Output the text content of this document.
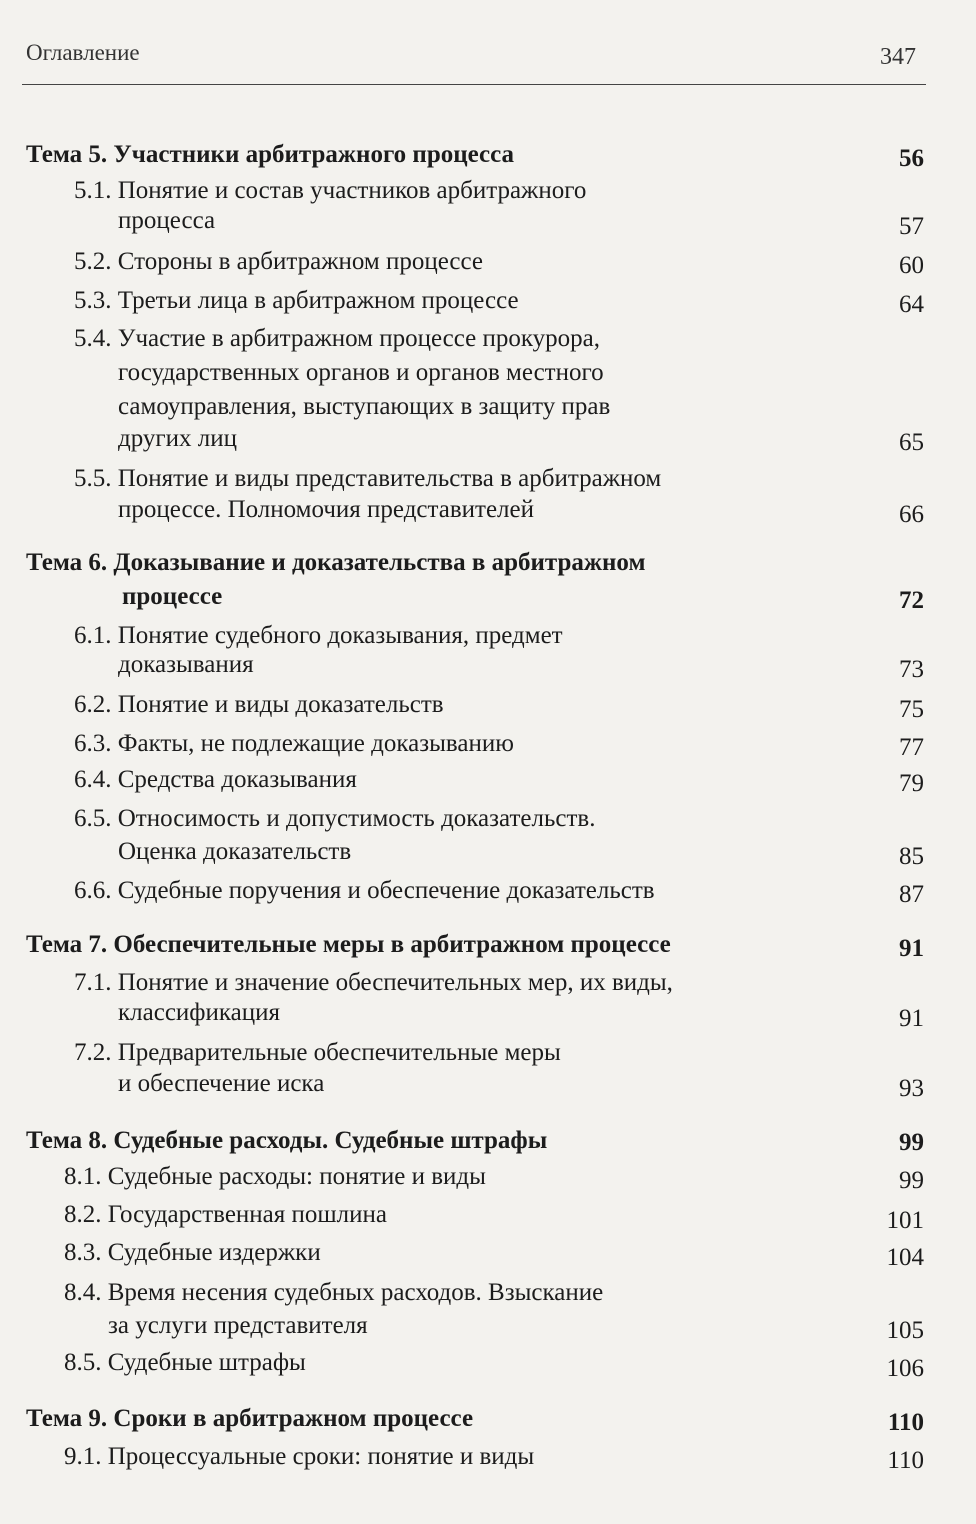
Оглавление	347
Тема 5. Участники арбитражного процесса	56
5.1. Понятие и состав участников арбитражного
процесса	57
5.2. Стороны в арбитражном процессе	60
5.3. Третьи лица в арбитражном процессе	64
5.4. Участие в арбитражном процессе прокурора,
государственных органов и органов местного
самоуправления, выступающих в защиту прав
других лиц	65
5.5. Понятие и виды представительства в арбитражном
процессе. Полномочия представителей	66
Тема 6. Доказывание и доказательства в арбитражном
процессе	72
6.1. Понятие судебного доказывания, предмет
доказывания	73
6.2. Понятие и виды доказательств	75
6.3. Факты, не подлежащие доказыванию	77
6.4. Средства доказывания	79
6.5. Относимость и допустимость доказательств.
Оценка доказательств	85
6.6. Судебные поручения и обеспечение доказательств	87
Тема 7. Обеспечительные меры в арбитражном процессе	91
7.1. Понятие и значение обеспечительных мер, их виды,
классификация	91
7.2. Предварительные обеспечительные меры
и обеспечение иска	93
Тема 8. Судебные расходы. Судебные штрафы	99
8.1. Судебные расходы: понятие и виды	99
8.2. Государственная пошлина	101
8.3. Судебные издержки	104
8.4. Время несения судебных расходов. Взыскание
за услуги представителя	105
8.5. Судебные штрафы	106
Тема 9. Сроки в арбитражном процессе	110
9.1. Процессуальные сроки: понятие и виды	110
